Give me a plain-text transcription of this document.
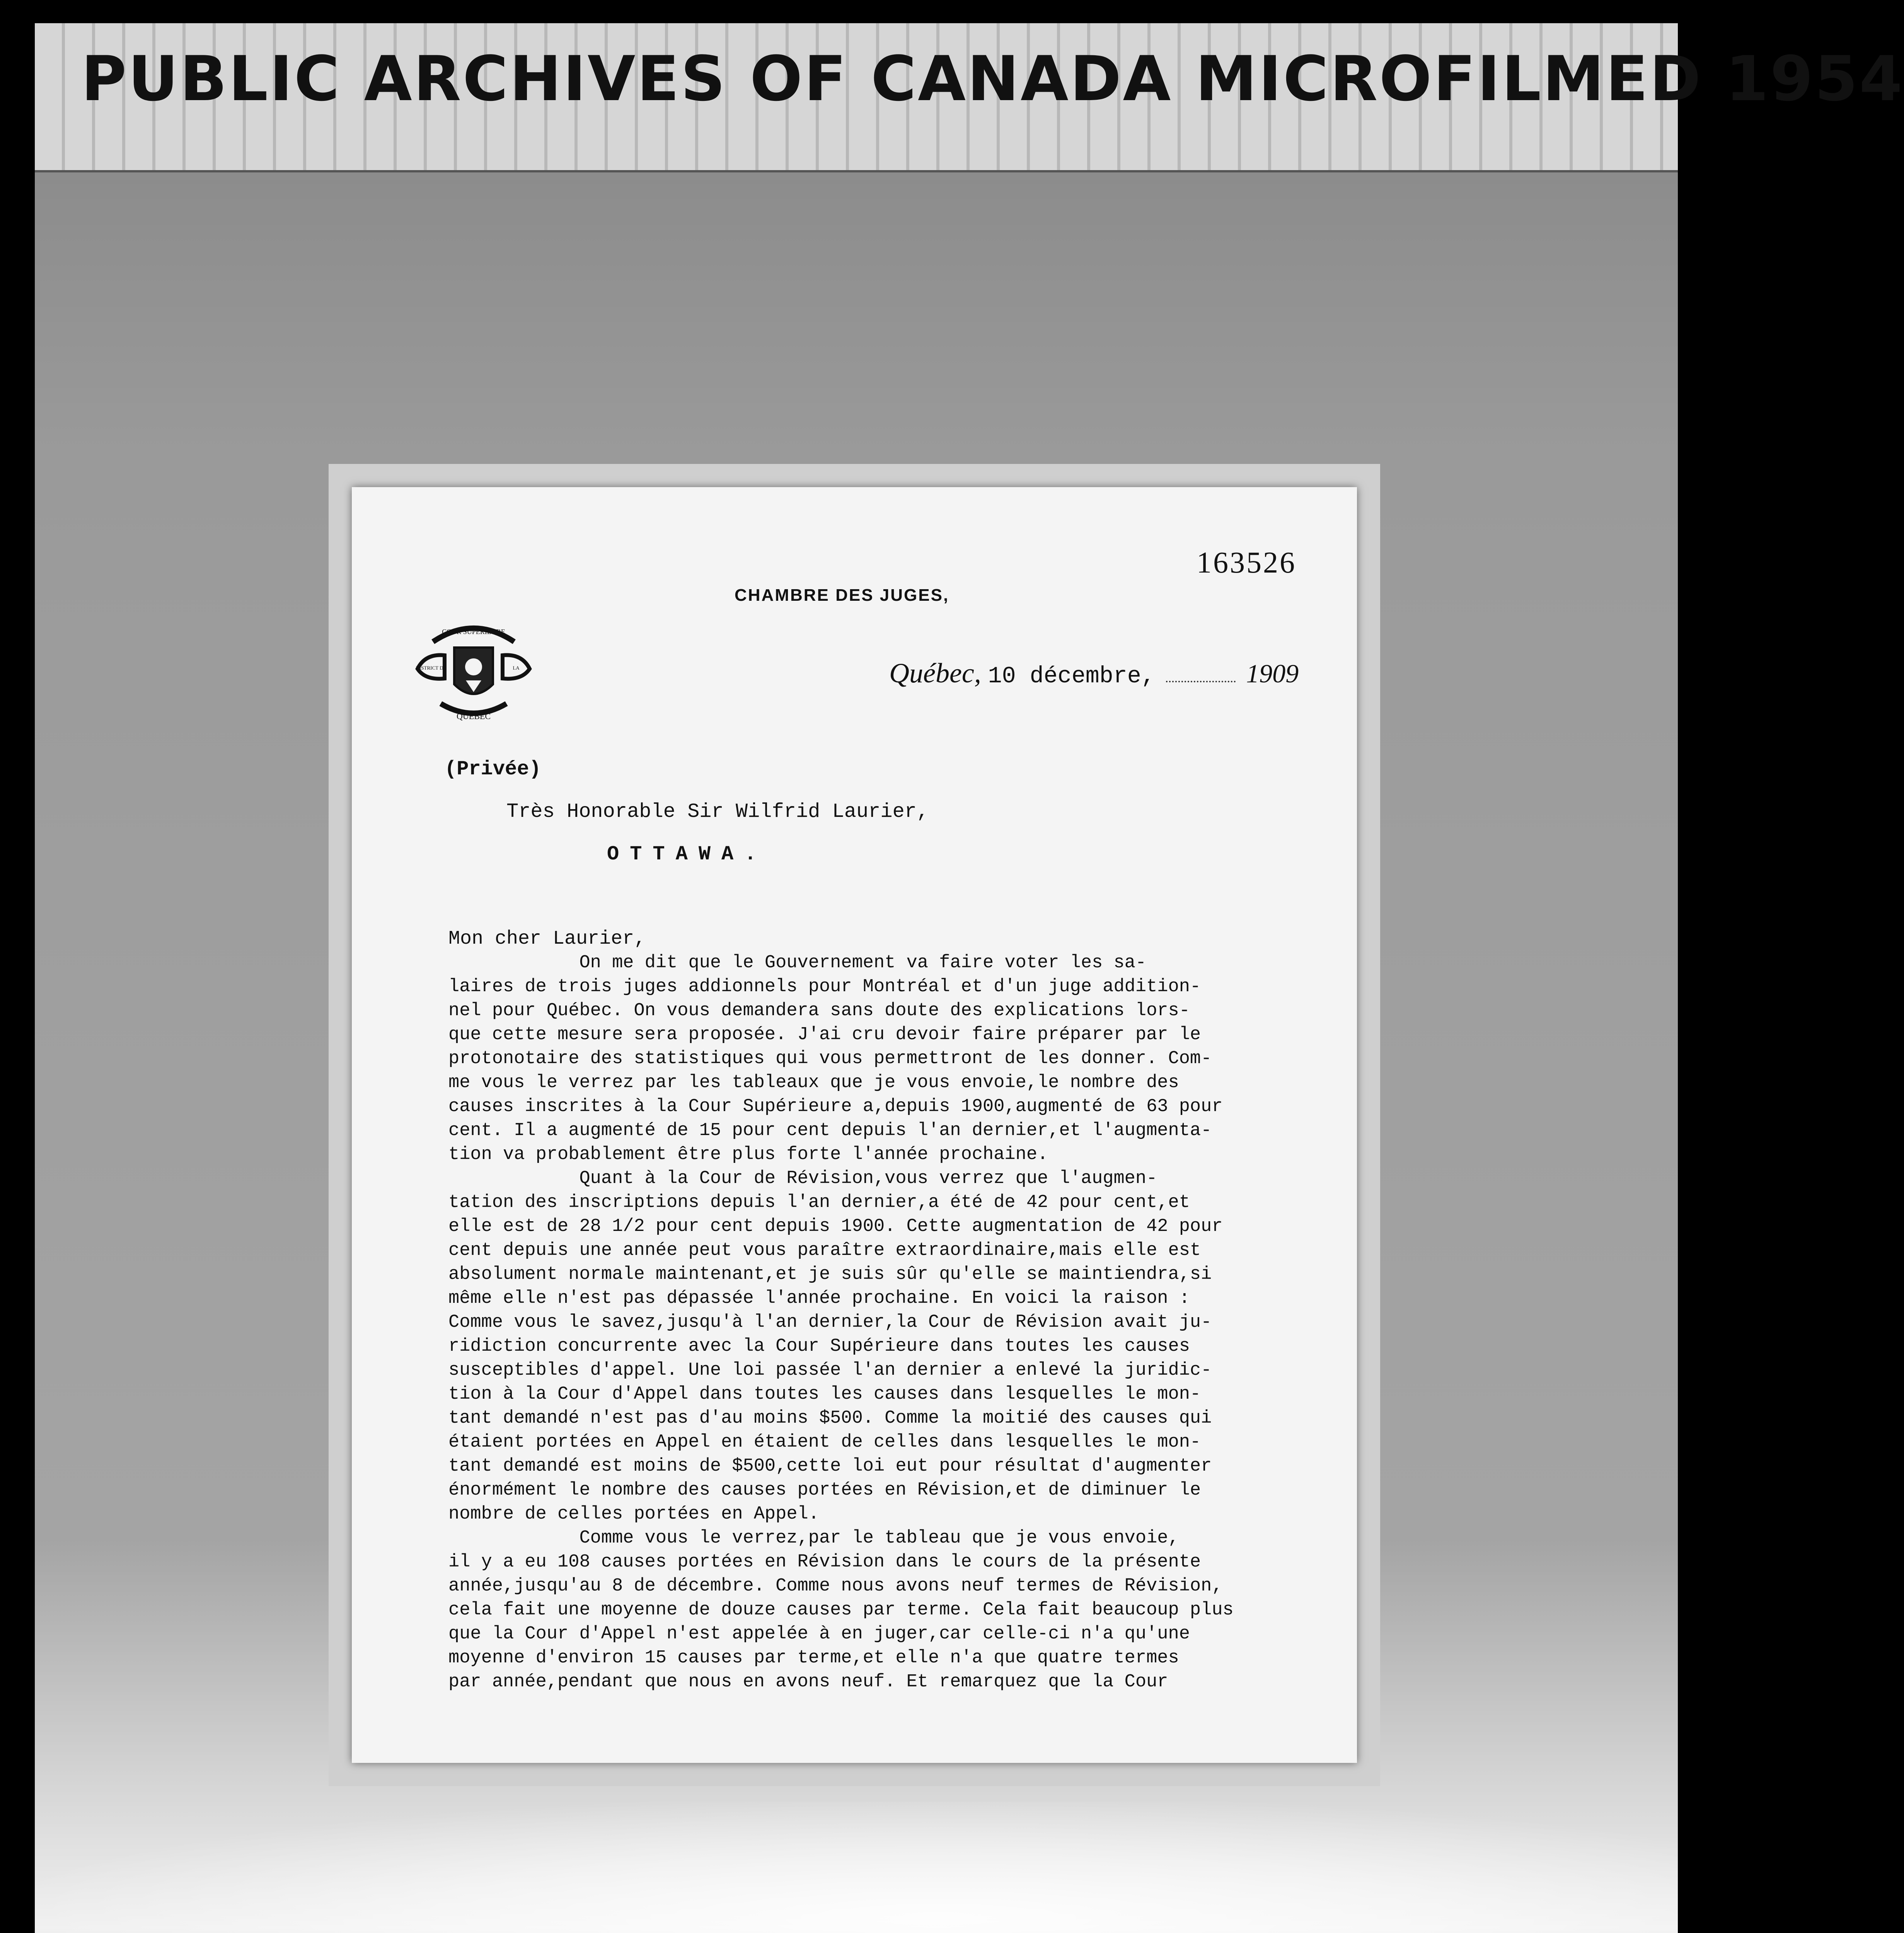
PUBLIC ARCHIVES OF CANADA MICROFILMED 1954
163526
CHAMBRE DES JUGES,
COUR SUPÉRIEURE
DISTRICT DE	LA
QUÉBEC
Québec, 10 décembre,	1909
(Privée)
Très Honorable Sir Wilfrid Laurier,
OTTAWA.
Mon cher Laurier,
On me dit que le Gouvernement va faire voter les sa-
laires de trois juges addionnels pour Montréal et d'un juge addition-
nel pour Québec. On vous demandera sans doute des explications lors-
que cette mesure sera proposée. J'ai cru devoir faire préparer par le
protonotaire des statistiques qui vous permettront de les donner. Com-
me vous le verrez par les tableaux que je vous envoie,le nombre des
causes inscrites à la Cour Supérieure a,depuis 1900,augmenté de 63 pour
cent. Il a augmenté de 15 pour cent depuis l'an dernier,et l'augmenta-
tion va probablement être plus forte l'année prochaine.
Quant à la Cour de Révision,vous verrez que l'augmen-
tation des inscriptions depuis l'an dernier,a été de 42 pour cent,et
elle est de 28 1/2 pour cent depuis 1900. Cette augmentation de 42 pour
cent depuis une année peut vous paraître extraordinaire,mais elle est
absolument normale maintenant,et je suis sûr qu'elle se maintiendra,si
même elle n'est pas dépassée l'année prochaine. En voici la raison :
Comme vous le savez,jusqu'à l'an dernier,la Cour de Révision avait ju-
ridiction concurrente avec la Cour Supérieure dans toutes les causes
susceptibles d'appel. Une loi passée l'an dernier a enlevé la juridic-
tion à la Cour d'Appel dans toutes les causes dans lesquelles le mon-
tant demandé n'est pas d'au moins $500. Comme la moitié des causes qui
étaient portées en Appel en étaient de celles dans lesquelles le mon-
tant demandé est moins de $500,cette loi eut pour résultat d'augmenter
énormément le nombre des causes portées en Révision,et de diminuer le
nombre de celles portées en Appel.
Comme vous le verrez,par le tableau que je vous envoie,
il y a eu 108 causes portées en Révision dans le cours de la présente
année,jusqu'au 8 de décembre. Comme nous avons neuf termes de Révision,
cela fait une moyenne de douze causes par terme. Cela fait beaucoup plus
que la Cour d'Appel n'est appelée à en juger,car celle-ci n'a qu'une
moyenne d'environ 15 causes par terme,et elle n'a que quatre termes
par année,pendant que nous en avons neuf. Et remarquez que la Cour
